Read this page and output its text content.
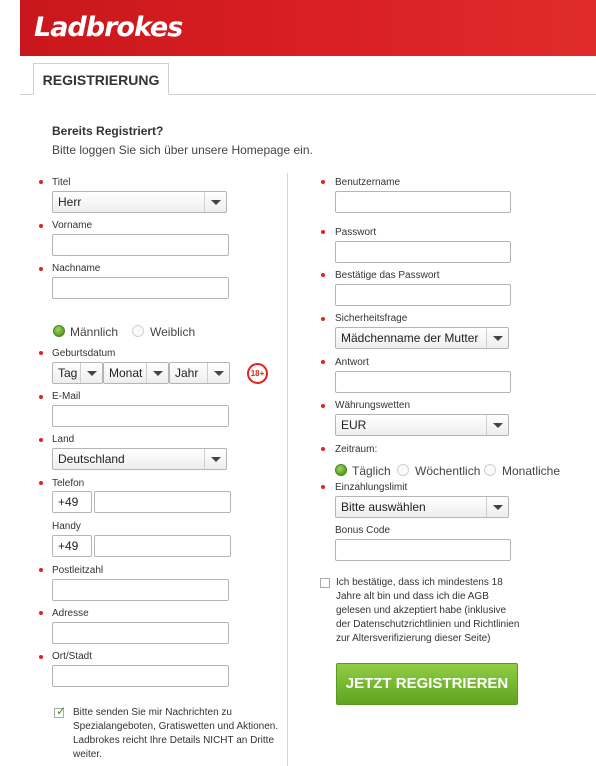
Ladbrokes
REGISTRIERUNG
Bereits Registriert?
Bitte loggen Sie sich über unsere Homepage ein.
Titel
Herr
Vorname
Nachname
Männlich	Weiblich
Geburtsdatum
Tag	Monat	Jahr	18+
E-Mail
Land
Deutschland
Telefon
+49
Handy
+49
Postleitzahl
Adresse
Ort/Stadt
✓ Bitte senden Sie mir Nachrichten zu
Spezialangeboten, Gratiswetten und Aktionen.
Ladbrokes reicht Ihre Details NICHT an Dritte
weiter.
Benutzername
Passwort
Bestätige das Passwort
Sicherheitsfrage
Mädchenname der Mutter
Antwort
Währungswetten
EUR
Zeitraum:
Täglich Wöchentlich Monatliche
Einzahlungslimit
Bitte auswählen
Bonus Code
Ich bestätige, dass ich mindestens 18
Jahre alt bin und dass ich die AGB
gelesen und akzeptiert habe (inklusive
der Datenschutzrichtlinien und Richtlinien
zur Altersverifizierung dieser Seite)
JETZT REGISTRIEREN
